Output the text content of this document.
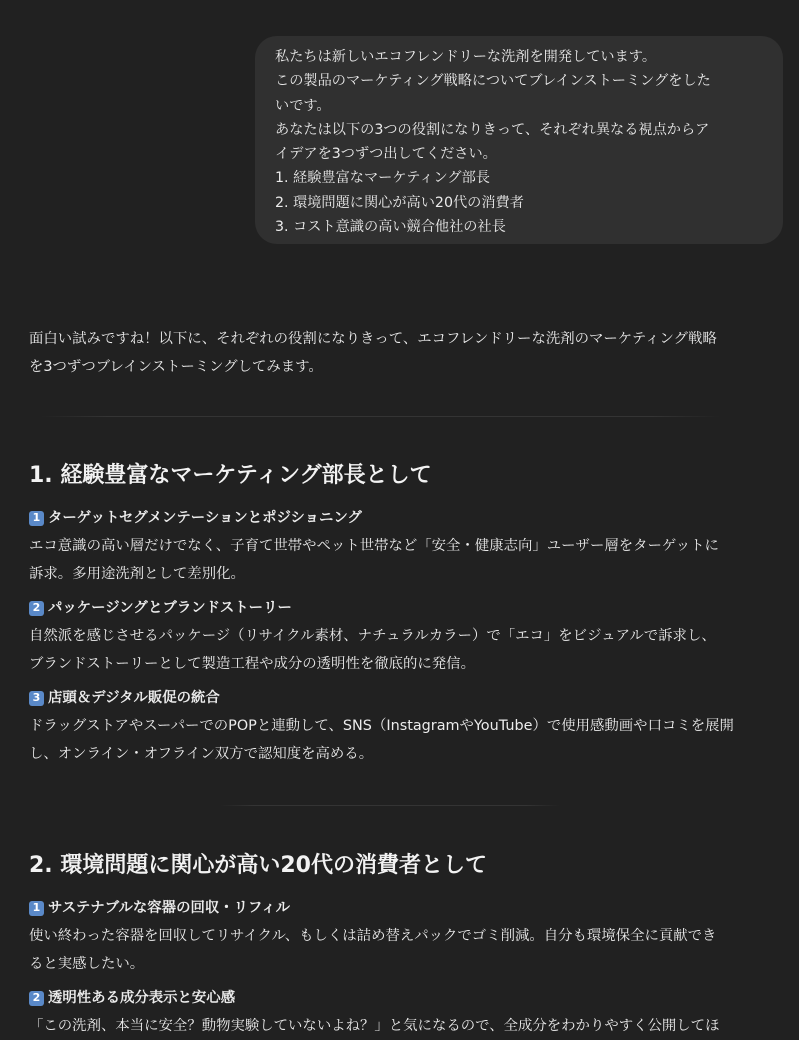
私たちは新しいエコフレンドリーな洗剤を開発しています。
この製品のマーケティング戦略についてブレインストーミングをした
いです。
あなたは以下の3つの役割になりきって、それぞれ異なる視点からア
イデアを3つずつ出してください。
1. 経験豊富なマーケティング部長
2. 環境問題に関心が高い20代の消費者
3. コスト意識の高い競合他社の社長

面白い試みですね！以下に、それぞれの役割になりきって、エコフレンドリーな洗剤のマーケティング戦略
を3つずつブレインストーミングしてみます。

1. 経験豊富なマーケティング部長として
1 ターゲットセグメンテーションとポジショニング
エコ意識の高い層だけでなく、子育て世帯やペット世帯など「安全・健康志向」ユーザー層をターゲットに
訴求。多用途洗剤として差別化。
2 パッケージングとブランドストーリー
自然派を感じさせるパッケージ（リサイクル素材、ナチュラルカラー）で「エコ」をビジュアルで訴求し、
ブランドストーリーとして製造工程や成分の透明性を徹底的に発信。
3 店頭＆デジタル販促の統合
ドラッグストアやスーパーでのPOPと連動して、SNS（InstagramやYouTube）で使用感動画や口コミを展開
し、オンライン・オフライン双方で認知度を高める。
2. 環境問題に関心が高い20代の消費者として
1 サステナブルな容器の回収・リフィル
使い終わった容器を回収してリサイクル、もしくは詰め替えパックでゴミ削減。自分も環境保全に貢献でき
ると実感したい。
2 透明性ある成分表示と安心感
「この洗剤、本当に安全？動物実験していないよね？」と気になるので、全成分をわかりやすく公開してほ
